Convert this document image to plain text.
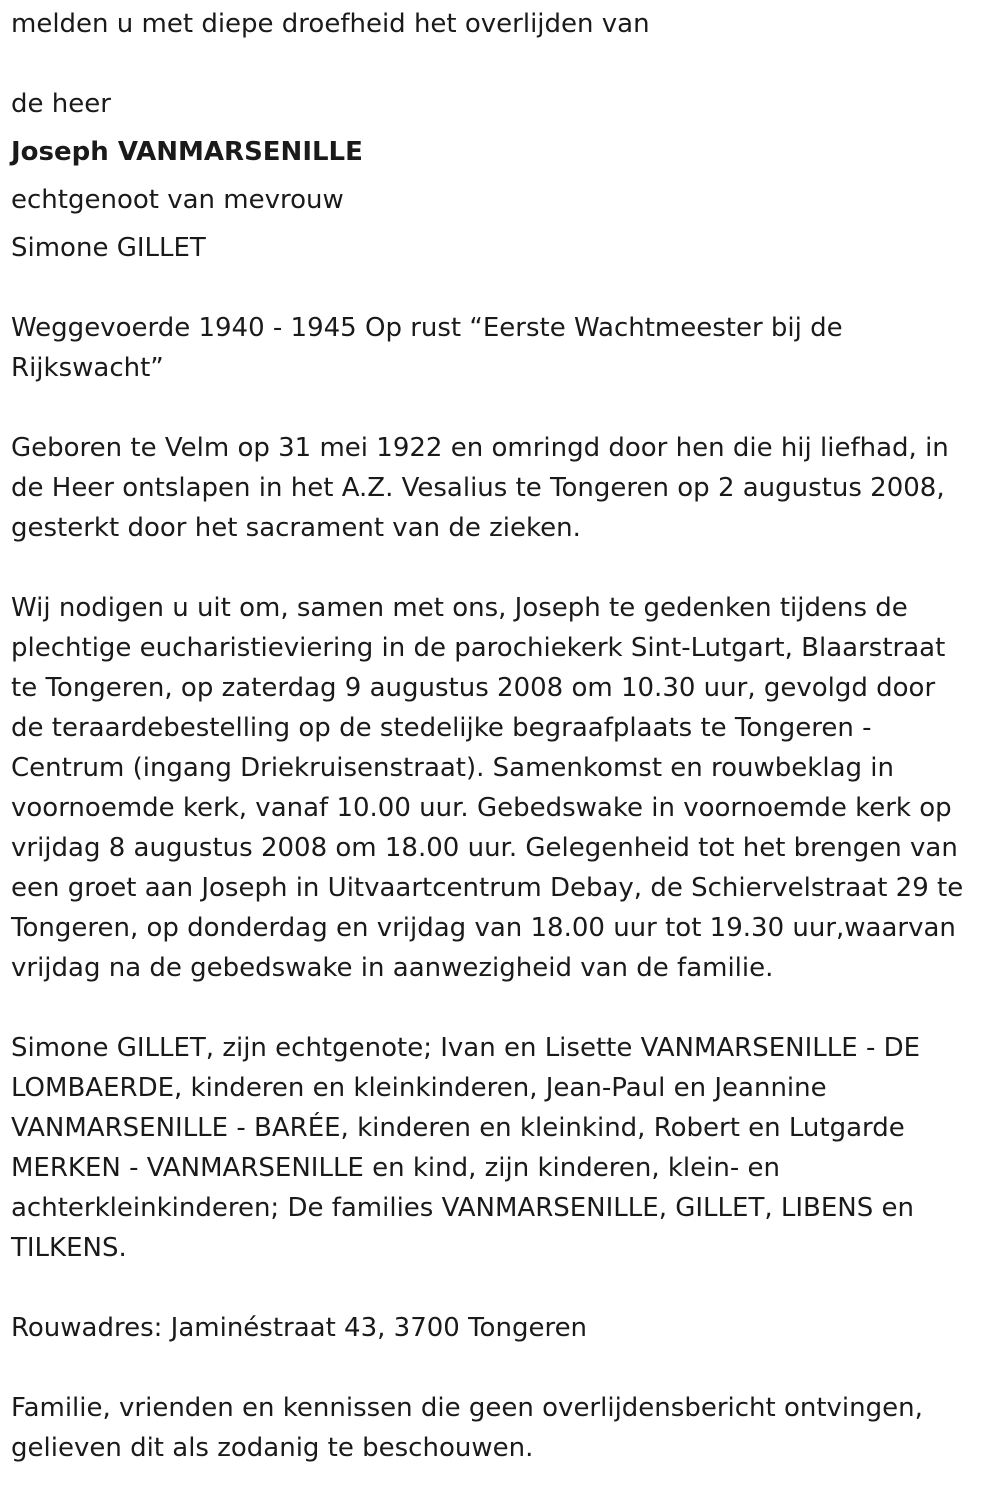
melden u met diepe droefheid het overlijden van

de heer

Joseph VANMARSENILLE

echtgenoot van mevrouw

Simone GILLET

Weggevoerde 1940 - 1945 Op rust “Eerste Wachtmeester bij de

Rijkswacht”

Geboren te Velm op 31 mei 1922 en omringd door hen die hij liefhad, in

de Heer ontslapen in het A.Z. Vesalius te Tongeren op 2 augustus 2008,

gesterkt door het sacrament van de zieken.

Wij nodigen u uit om, samen met ons, Joseph te gedenken tijdens de

plechtige eucharistieviering in de parochiekerk Sint-Lutgart, Blaarstraat

te Tongeren, op zaterdag 9 augustus 2008 om 10.30 uur, gevolgd door

de teraardebestelling op de stedelijke begraafplaats te Tongeren -

Centrum (ingang Driekruisenstraat). Samenkomst en rouwbeklag in

voornoemde kerk, vanaf 10.00 uur. Gebedswake in voornoemde kerk op

vrijdag 8 augustus 2008 om 18.00 uur. Gelegenheid tot het brengen van

een groet aan Joseph in Uitvaartcentrum Debay, de Schiervelstraat 29 te

Tongeren, op donderdag en vrijdag van 18.00 uur tot 19.30 uur,waarvan

vrijdag na de gebedswake in aanwezigheid van de familie.

Simone GILLET, zijn echtgenote; Ivan en Lisette VANMARSENILLE - DE

LOMBAERDE, kinderen en kleinkinderen, Jean-Paul en Jeannine

VANMARSENILLE - BARÉE, kinderen en kleinkind, Robert en Lutgarde

MERKEN - VANMARSENILLE en kind, zijn kinderen, klein- en

achterkleinkinderen; De families VANMARSENILLE, GILLET, LIBENS en

TILKENS.

Rouwadres: Jaminéstraat 43, 3700 Tongeren

Familie, vrienden en kennissen die geen overlijdensbericht ontvingen,

gelieven dit als zodanig te beschouwen.
